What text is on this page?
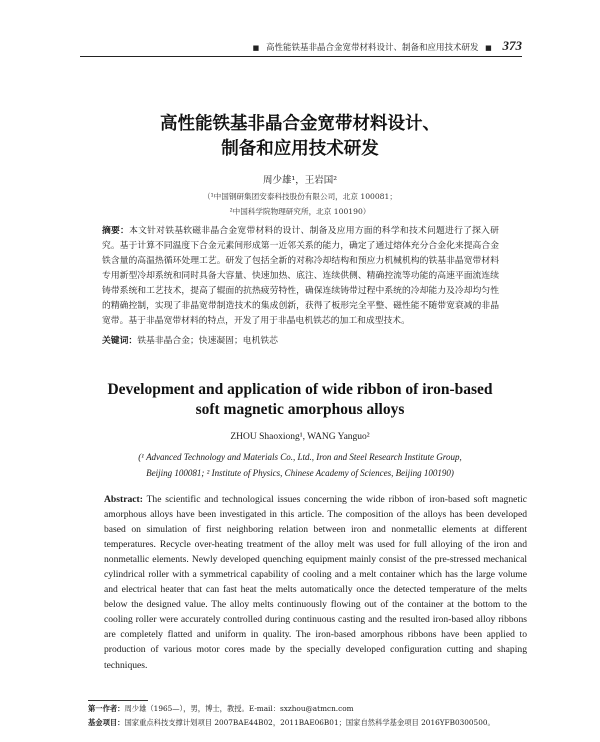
■ 高性能铁基非晶合金宽带材料设计、制备和应用技术研发 ■ 373
高性能铁基非晶合金宽带材料设计、
制备和应用技术研发
周少雄¹，王岩国²
（¹中国钢研集团安泰科技股份有限公司，北京 100081；
²中国科学院物理研究所，北京 100190）
摘要：本文针对铁基软磁非晶合金宽带材料的设计、制备及应用方面的科学和技术问题进行了探入研究。基于计算不同温度下合金元素间形成第一近邻关系的能力，确定了通过熔体充分合金化来提高合金铁含量的高温热循环处理工艺。研发了包括全新的对称冷却结构和预应力机械机构的铁基非晶宽带材料专用新型冷却系统和同时具备大容量、快速加热、底注、连续供侧、精确控流等功能的高速平面流连续铸带系统和工艺技术，提高了辊面的抗热疲劳特性，确保连续铸带过程中系统的冷却能力及冷却均匀性的精确控制，实现了非晶宽带制造技术的集成创新，获得了板形完全平整、磁性能不随带宽衰减的非晶宽带。基于非晶宽带材料的特点，开发了用于非晶电机铁芯的加工和成型技术。
关键词：铁基非晶合金；快速凝固；电机铁芯
Development and application of wide ribbon of iron-based
soft magnetic amorphous alloys
ZHOU Shaoxiong¹, WANG Yanguo²
(¹ Advanced Technology and Materials Co., Ltd., Iron and Steel Research Institute Group,
Beijing 100081; ² Institute of Physics, Chinese Academy of Sciences, Beijing 100190)
Abstract: The scientific and technological issues concerning the wide ribbon of iron-based soft magnetic amorphous alloys have been investigated in this article. The composition of the alloys has been developed based on simulation of first neighboring relation between iron and nonmetallic elements at different temperatures. Recycle over-heating treatment of the alloy melt was used for full alloying of the iron and nonmetallic elements. Newly developed quenching equipment mainly consist of the pre-stressed mechanical cylindrical roller with a symmetrical capability of cooling and a melt container which has the large volume and electrical heater that can fast heat the melts automatically once the detected temperature of the melts below the designed value. The alloy melts continuously flowing out of the container at the bottom to the cooling roller were accurately controlled during continuous casting and the resulted iron-based alloy ribbons are completely flatted and uniform in quality. The iron-based amorphous ribbons have been applied to production of various motor cores made by the specially developed configuration cutting and shaping techniques.
第一作者：周少雄（1965—），男，博士，教授。E-mail：sxzhou@atmcn.com
基金项目：国家重点科技支撑计划项目 2007BAE44B02，2011BAE06B01；国家自然科学基金项目 2016YFB0300500。
